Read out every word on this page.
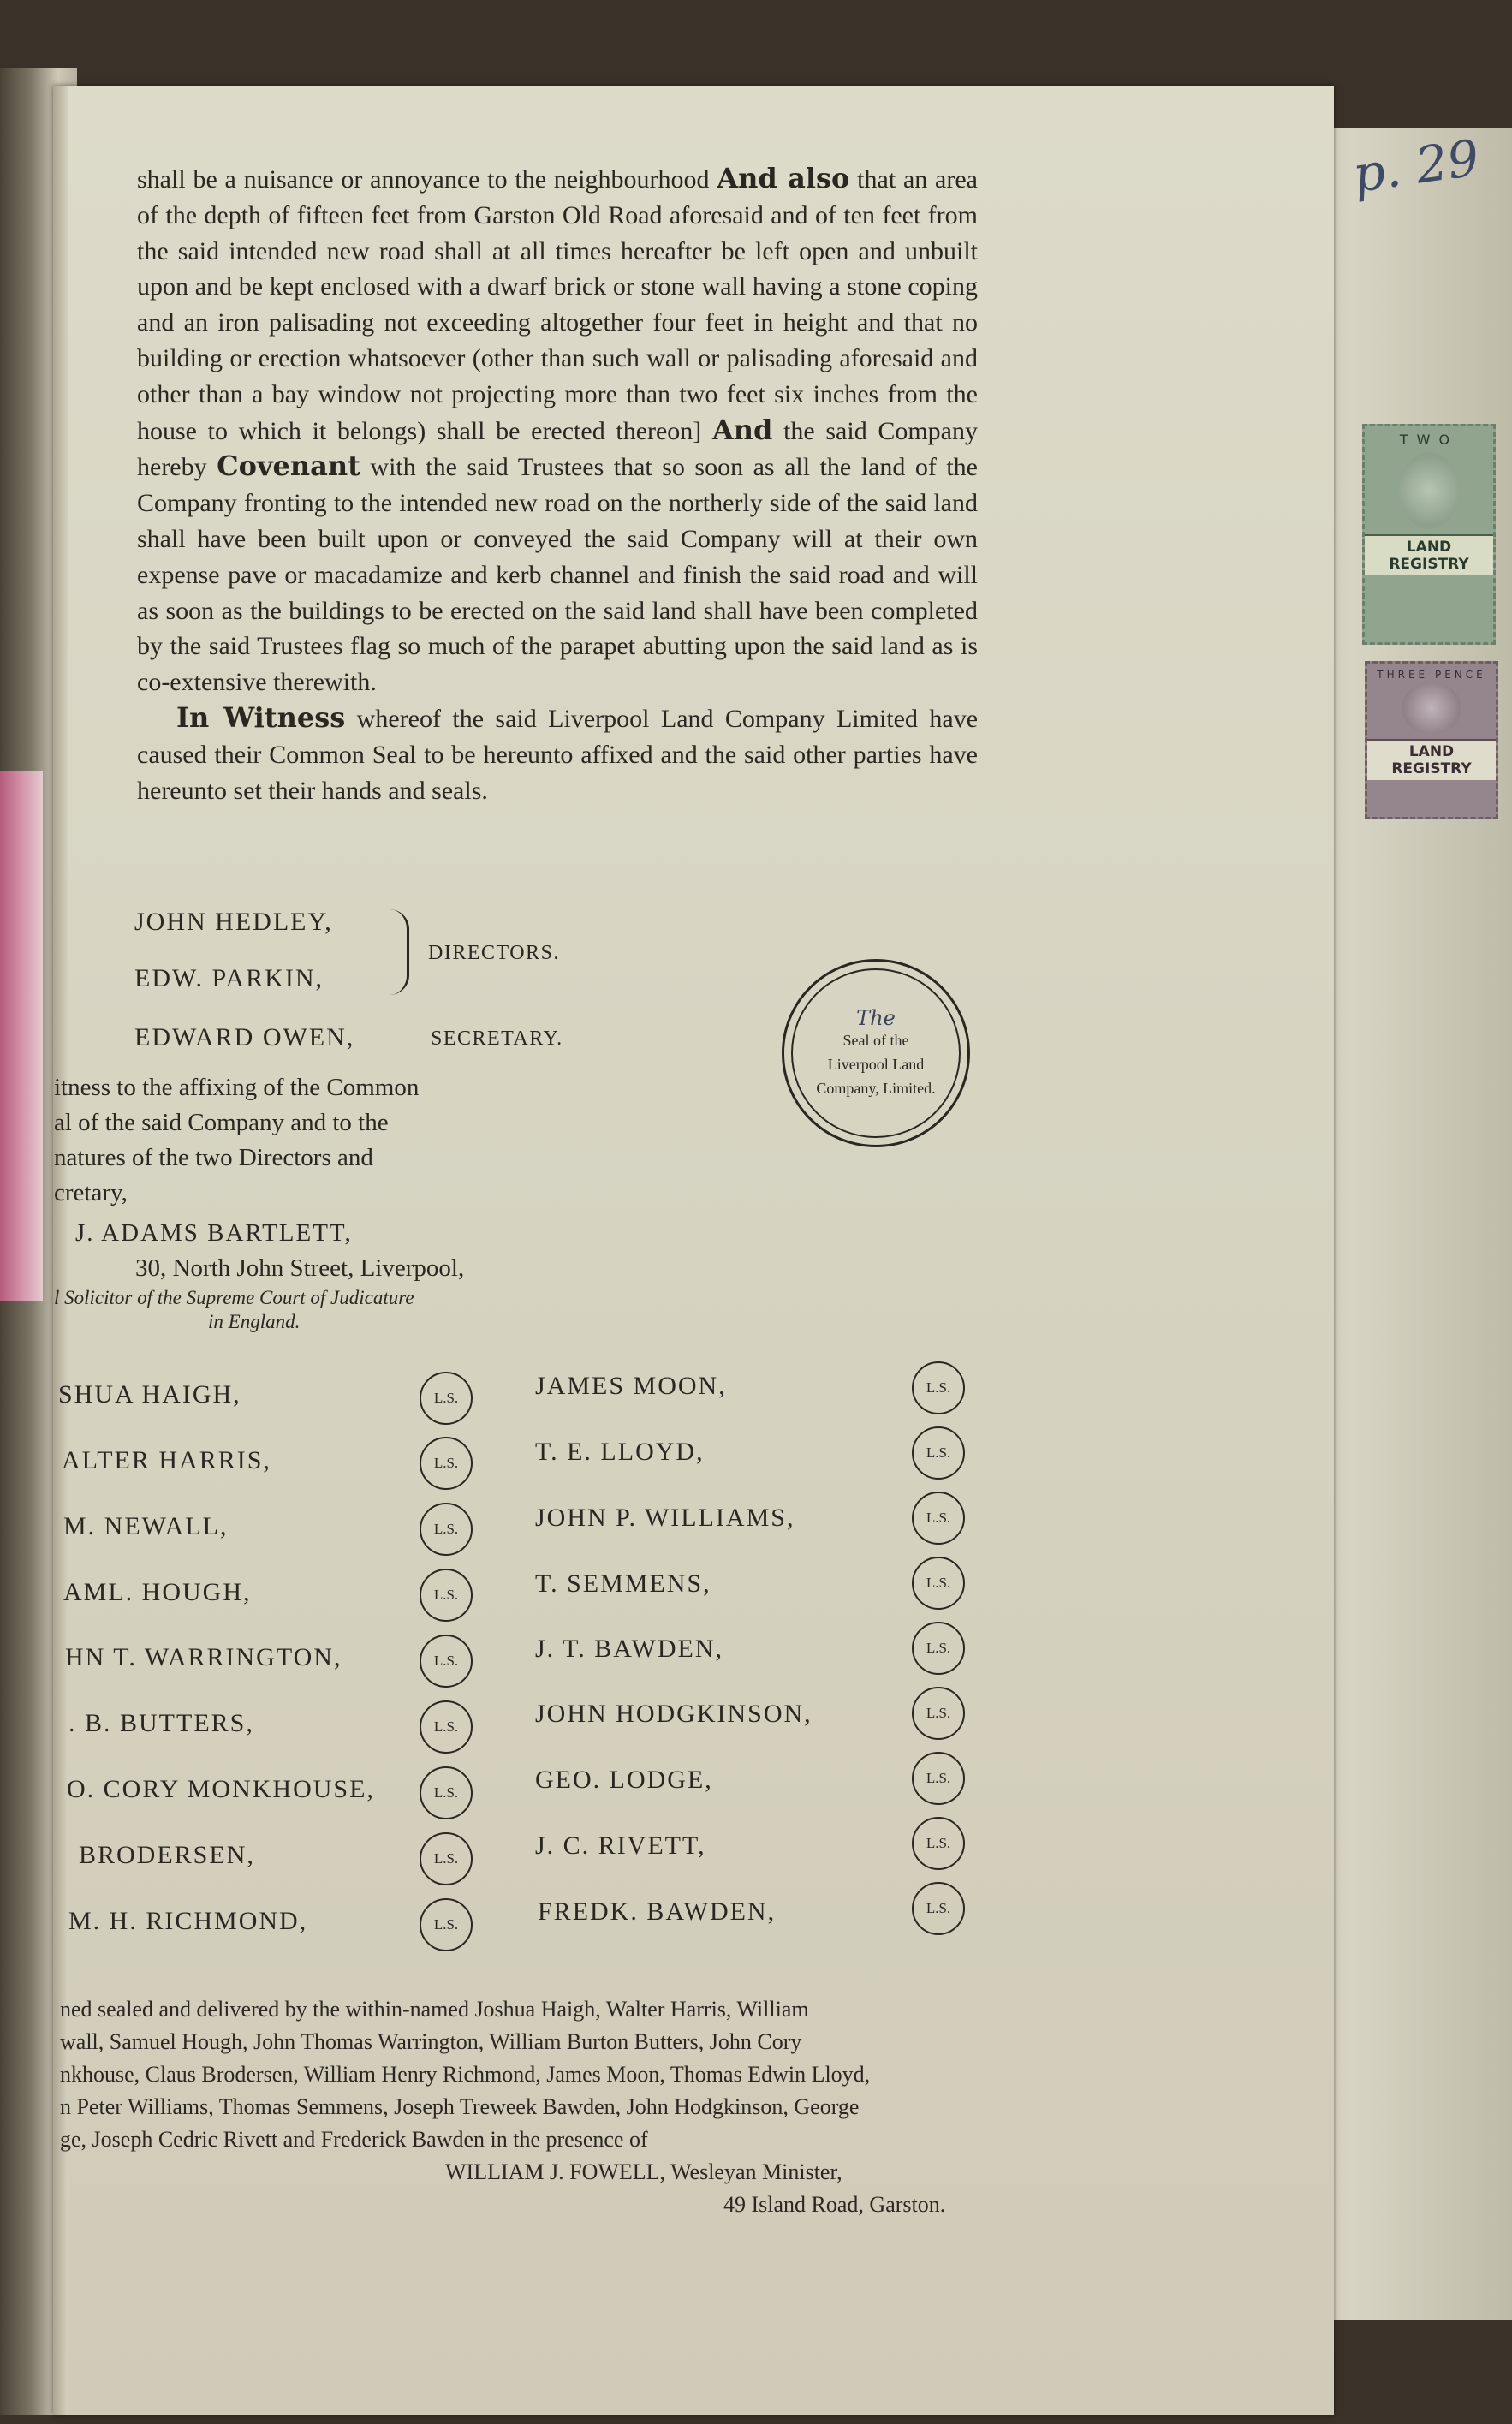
p. 29
TWO
LAND REGISTRY
THREE PENCE
LAND REGISTRY

shall be a nuisance or annoyance to the neighbourhood And also that an area of the depth of fifteen feet from Garston Old Road aforesaid and of ten feet from the said intended new road shall at all times hereafter be left open and unbuilt upon and be kept enclosed with a dwarf brick or stone wall having a stone coping and an iron palisading not exceeding altogether four feet in height and that no building or erection whatsoever (other than such wall or palisading aforesaid and other than a bay window not projecting more than two feet six inches from the house to which it belongs) shall be erected thereon] And the said Company hereby Covenant with the said Trustees that so soon as all the land of the Company fronting to the intended new road on the northerly side of the said land shall have been built upon or conveyed the said Company will at their own expense pave or macadamize and kerb channel and finish the said road and will as soon as the buildings to be erected on the said land shall have been completed by the said Trustees flag so much of the parapet abutting upon the said land as is co-extensive therewith.

In Witness whereof the said Liverpool Land Company Limited have caused their Common Seal to be hereunto affixed and the said other parties have hereunto set their hands and seals.

JOHN HEDLEY,
EDW. PARKIN,
DIRECTORS.
EDWARD OWEN,	SECRETARY.
The
Seal of the
Liverpool Land
Company, Limited.
itness to the affixing of the Common
al of the said Company and to the
natures of the two Directors and
cretary,
J. ADAMS BARTLETT,
30, North John Street, Liverpool,
l Solicitor of the Supreme Court of Judicature
in England.
SHUA HAIGH,
ALTER HARRIS,
M. NEWALL,
AML. HOUGH,
HN T. WARRINGTON,
. B. BUTTERS,
O. CORY MONKHOUSE,
BRODERSEN,
M. H. RICHMOND,
L.S.
L.S.
L.S.
L.S.
L.S.
L.S.
L.S.
L.S.
L.S.
JAMES MOON,
T. E. LLOYD,
JOHN P. WILLIAMS,
T. SEMMENS,
J. T. BAWDEN,
JOHN HODGKINSON,
GEO. LODGE,
J. C. RIVETT,
FREDK. BAWDEN,
L.S.
L.S.
L.S.
L.S.
L.S.
L.S.
L.S.
L.S.
L.S.
ned sealed and delivered by the within-named Joshua Haigh, Walter Harris, William
wall, Samuel Hough, John Thomas Warrington, William Burton Butters, John Cory
nkhouse, Claus Brodersen, William Henry Richmond, James Moon, Thomas Edwin Lloyd,
n Peter Williams, Thomas Semmens, Joseph Treweek Bawden, John Hodgkinson, George
ge, Joseph Cedric Rivett and Frederick Bawden in the presence of
WILLIAM J. FOWELL, Wesleyan Minister,
49 Island Road, Garston.
